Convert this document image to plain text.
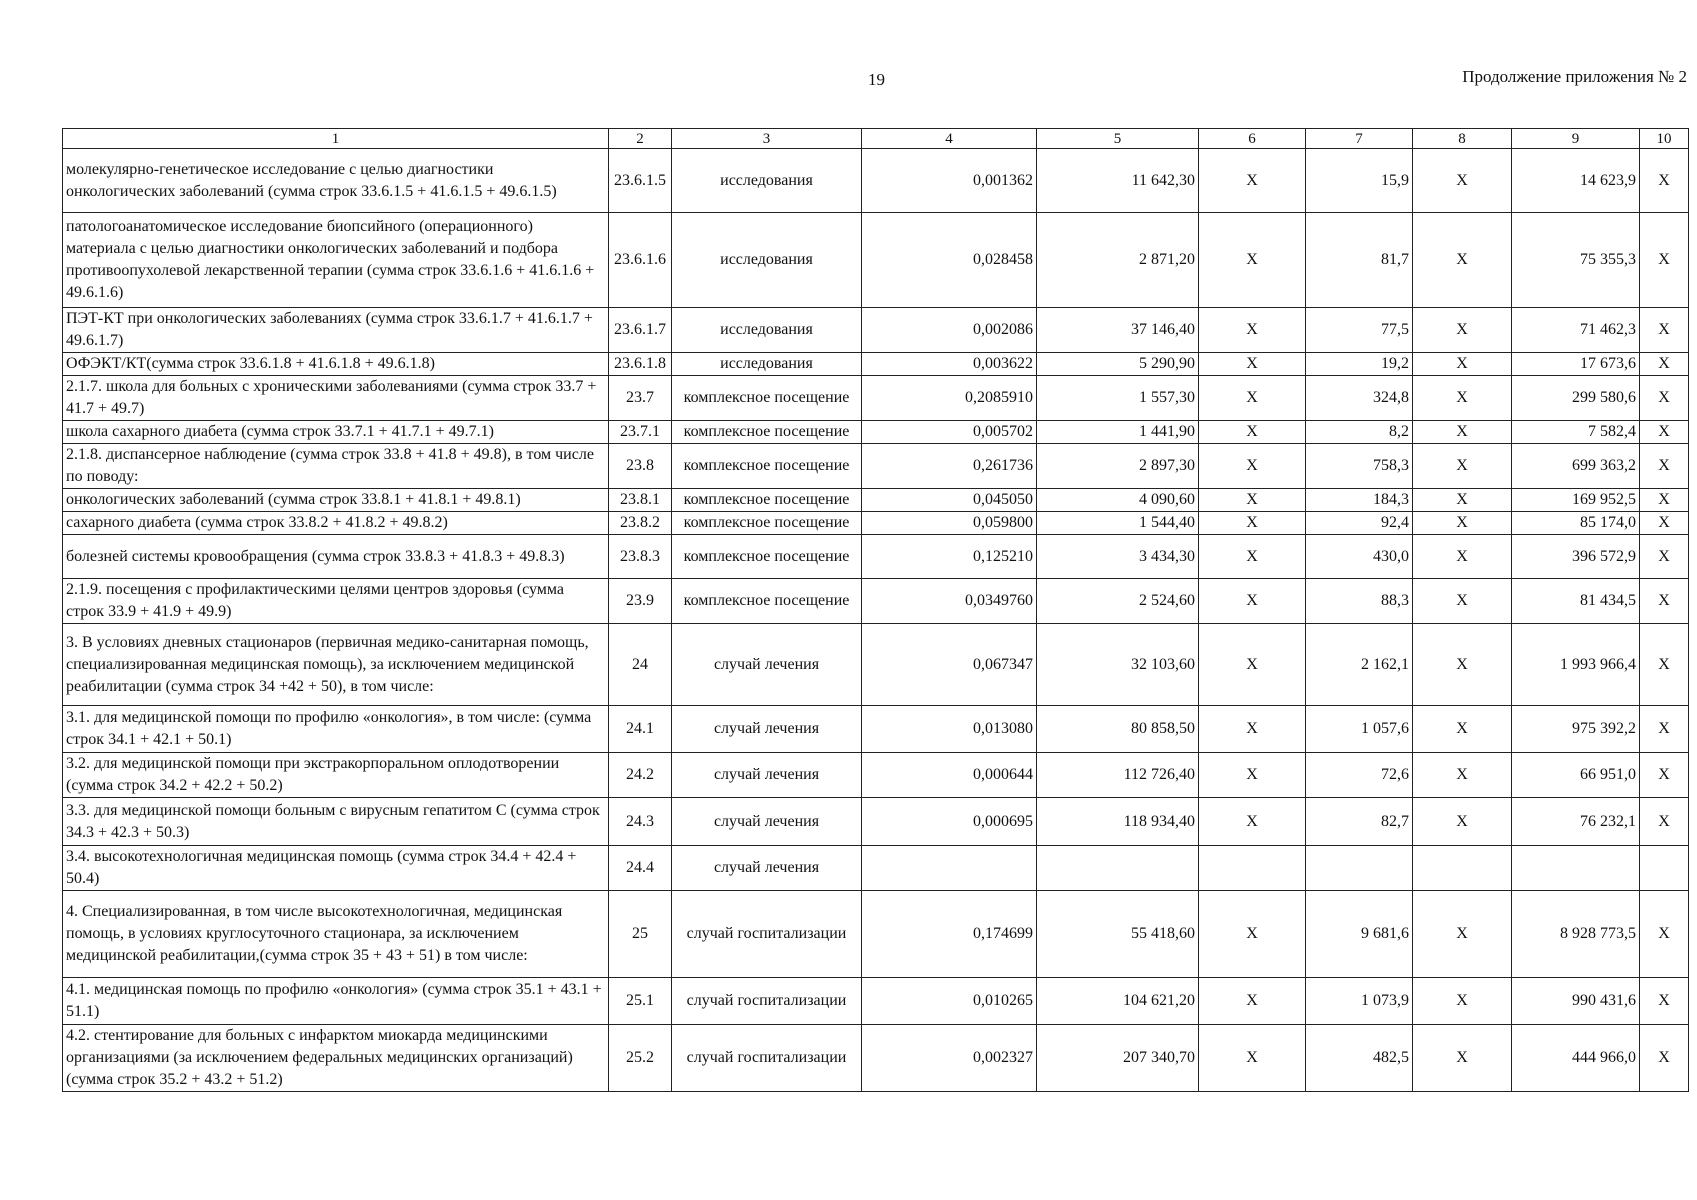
19	Продолжение приложения № 2
1	2	3	4	5	6	7	8	9	10
молекулярно-генетическое исследование с целью диагностики онкологических заболеваний (сумма строк 33.6.1.5 + 41.6.1.5 + 49.6.1.5)	23.6.1.5	исследования	0,001362	11 642,30	X	15,9	X	14 623,9	X
патологоанатомическое исследование биопсийного (операционного) материала с целью диагностики онкологических заболеваний и подбора противоопухолевой лекарственной терапии (сумма строк 33.6.1.6 + 41.6.1.6 + 49.6.1.6)	23.6.1.6	исследования	0,028458	2 871,20	X	81,7	X	75 355,3	X
ПЭТ-КТ при онкологических заболеваниях (сумма строк 33.6.1.7 + 41.6.1.7 + 49.6.1.7)	23.6.1.7	исследования	0,002086	37 146,40	X	77,5	X	71 462,3	X
ОФЭКТ/КТ(сумма строк 33.6.1.8 + 41.6.1.8 + 49.6.1.8)	23.6.1.8	исследования	0,003622	5 290,90	X	19,2	X	17 673,6	X
2.1.7. школа для больных с хроническими заболеваниями (сумма строк 33.7 + 41.7 + 49.7)	23.7	комплексное посещение	0,2085910	1 557,30	X	324,8	X	299 580,6	X
школа сахарного диабета (сумма строк 33.7.1 + 41.7.1 + 49.7.1)	23.7.1	комплексное посещение	0,005702	1 441,90	X	8,2	X	7 582,4	X
2.1.8. диспансерное наблюдение (сумма строк 33.8 + 41.8 + 49.8), в том числе по поводу:	23.8	комплексное посещение	0,261736	2 897,30	X	758,3	X	699 363,2	X
онкологических заболеваний (сумма строк 33.8.1 + 41.8.1 + 49.8.1)	23.8.1	комплексное посещение	0,045050	4 090,60	X	184,3	X	169 952,5	X
сахарного диабета (сумма строк 33.8.2 + 41.8.2 + 49.8.2)	23.8.2	комплексное посещение	0,059800	1 544,40	X	92,4	X	85 174,0	X
болезней системы кровообращения (сумма строк 33.8.3 + 41.8.3 + 49.8.3)	23.8.3	комплексное посещение	0,125210	3 434,30	X	430,0	X	396 572,9	X
2.1.9. посещения с профилактическими целями центров здоровья (сумма строк 33.9 + 41.9 + 49.9)	23.9	комплексное посещение	0,0349760	2 524,60	X	88,3	X	81 434,5	X
3. В условиях дневных стационаров (первичная медико-санитарная помощь, специализированная медицинская помощь), за исключением медицинской реабилитации (сумма строк 34 +42 + 50), в том числе:	24	случай лечения	0,067347	32 103,60	X	2 162,1	X	1 993 966,4	X
3.1. для медицинской помощи по профилю «онкология», в том числе: (сумма строк 34.1 + 42.1 + 50.1)	24.1	случай лечения	0,013080	80 858,50	X	1 057,6	X	975 392,2	X
3.2. для медицинской помощи при экстракорпоральном оплодотворении (сумма строк 34.2 + 42.2 + 50.2)	24.2	случай лечения	0,000644	112 726,40	X	72,6	X	66 951,0	X
3.3. для медицинской помощи больным с вирусным гепатитом С (сумма строк 34.3 + 42.3 + 50.3)	24.3	случай лечения	0,000695	118 934,40	X	82,7	X	76 232,1	X
3.4. высокотехнологичная медицинская помощь (сумма строк 34.4 + 42.4 + 50.4)	24.4	случай лечения							
4. Специализированная, в том числе высокотехнологичная, медицинская помощь, в условиях круглосуточного стационара, за исключением медицинской реабилитации,(сумма строк 35 + 43 + 51) в том числе:	25	случай госпитализации	0,174699	55 418,60	X	9 681,6	X	8 928 773,5	X
4.1. медицинская помощь по профилю «онкология» (сумма строк 35.1 + 43.1 + 51.1)	25.1	случай госпитализации	0,010265	104 621,20	X	1 073,9	X	990 431,6	X
4.2. стентирование для больных с инфарктом миокарда медицинскими организациями (за исключением федеральных медицинских организаций) (сумма строк 35.2 + 43.2 + 51.2)	25.2	случай госпитализации	0,002327	207 340,70	X	482,5	X	444 966,0	X
